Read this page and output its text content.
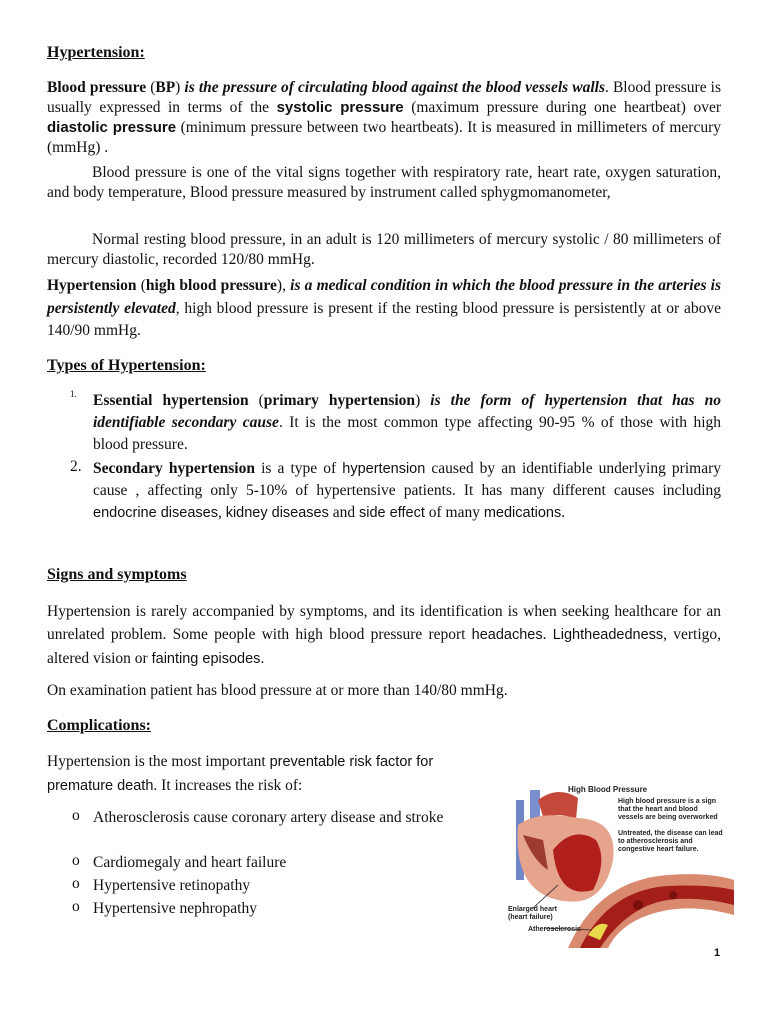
Hypertension:
Blood pressure (BP) is the pressure of circulating blood against the blood vessels walls. Blood pressure is usually expressed in terms of the systolic pressure (maximum pressure during one heartbeat) over diastolic pressure (minimum pressure between two heartbeats). It is measured in millimeters of mercury (mmHg) .
Blood pressure is one of the vital signs together with respiratory rate, heart rate, oxygen saturation, and body temperature, Blood pressure measured by instrument called sphygmomanometer,
Normal resting blood pressure, in an adult is 120 millimeters of mercury systolic / 80 millimeters of mercury diastolic, recorded 120/80 mmHg.
Hypertension (high blood pressure), is a medical condition in which the blood pressure in the arteries is persistently elevated, high blood pressure is present if the resting blood pressure is persistently at or above 140/90 mmHg.
Types of Hypertension:
1. Essential hypertension (primary hypertension) is the form of hypertension that has no identifiable secondary cause. It is the most common type affecting 90-95 % of those with high blood pressure.
2. Secondary hypertension is a type of hypertension caused by an identifiable underlying primary cause , affecting only 5-10% of hypertensive patients. It has many different causes including endocrine diseases, kidney diseases and side effect of many medications.
Signs and symptoms
Hypertension is rarely accompanied by symptoms, and its identification is when seeking healthcare for an unrelated problem. Some people with high blood pressure report headaches. Lightheadedness, vertigo, altered vision or fainting episodes.
On examination patient has blood pressure at or more than 140/80 mmHg.
Complications:
Hypertension is the most important preventable risk factor for premature death. It increases the risk of:
o Atherosclerosis cause coronary artery disease and stroke
o Cardiomegaly and heart failure
o Hypertensive retinopathy
o Hypertensive nephropathy
High Blood Pressure
High blood pressure is a sign that the heart and blood vessels are being overworked
Untreated, the disease can lead to atherosclerosis and congestive heart failure.
Enlarged heart (heart failure)
Atherosclerosis
1
